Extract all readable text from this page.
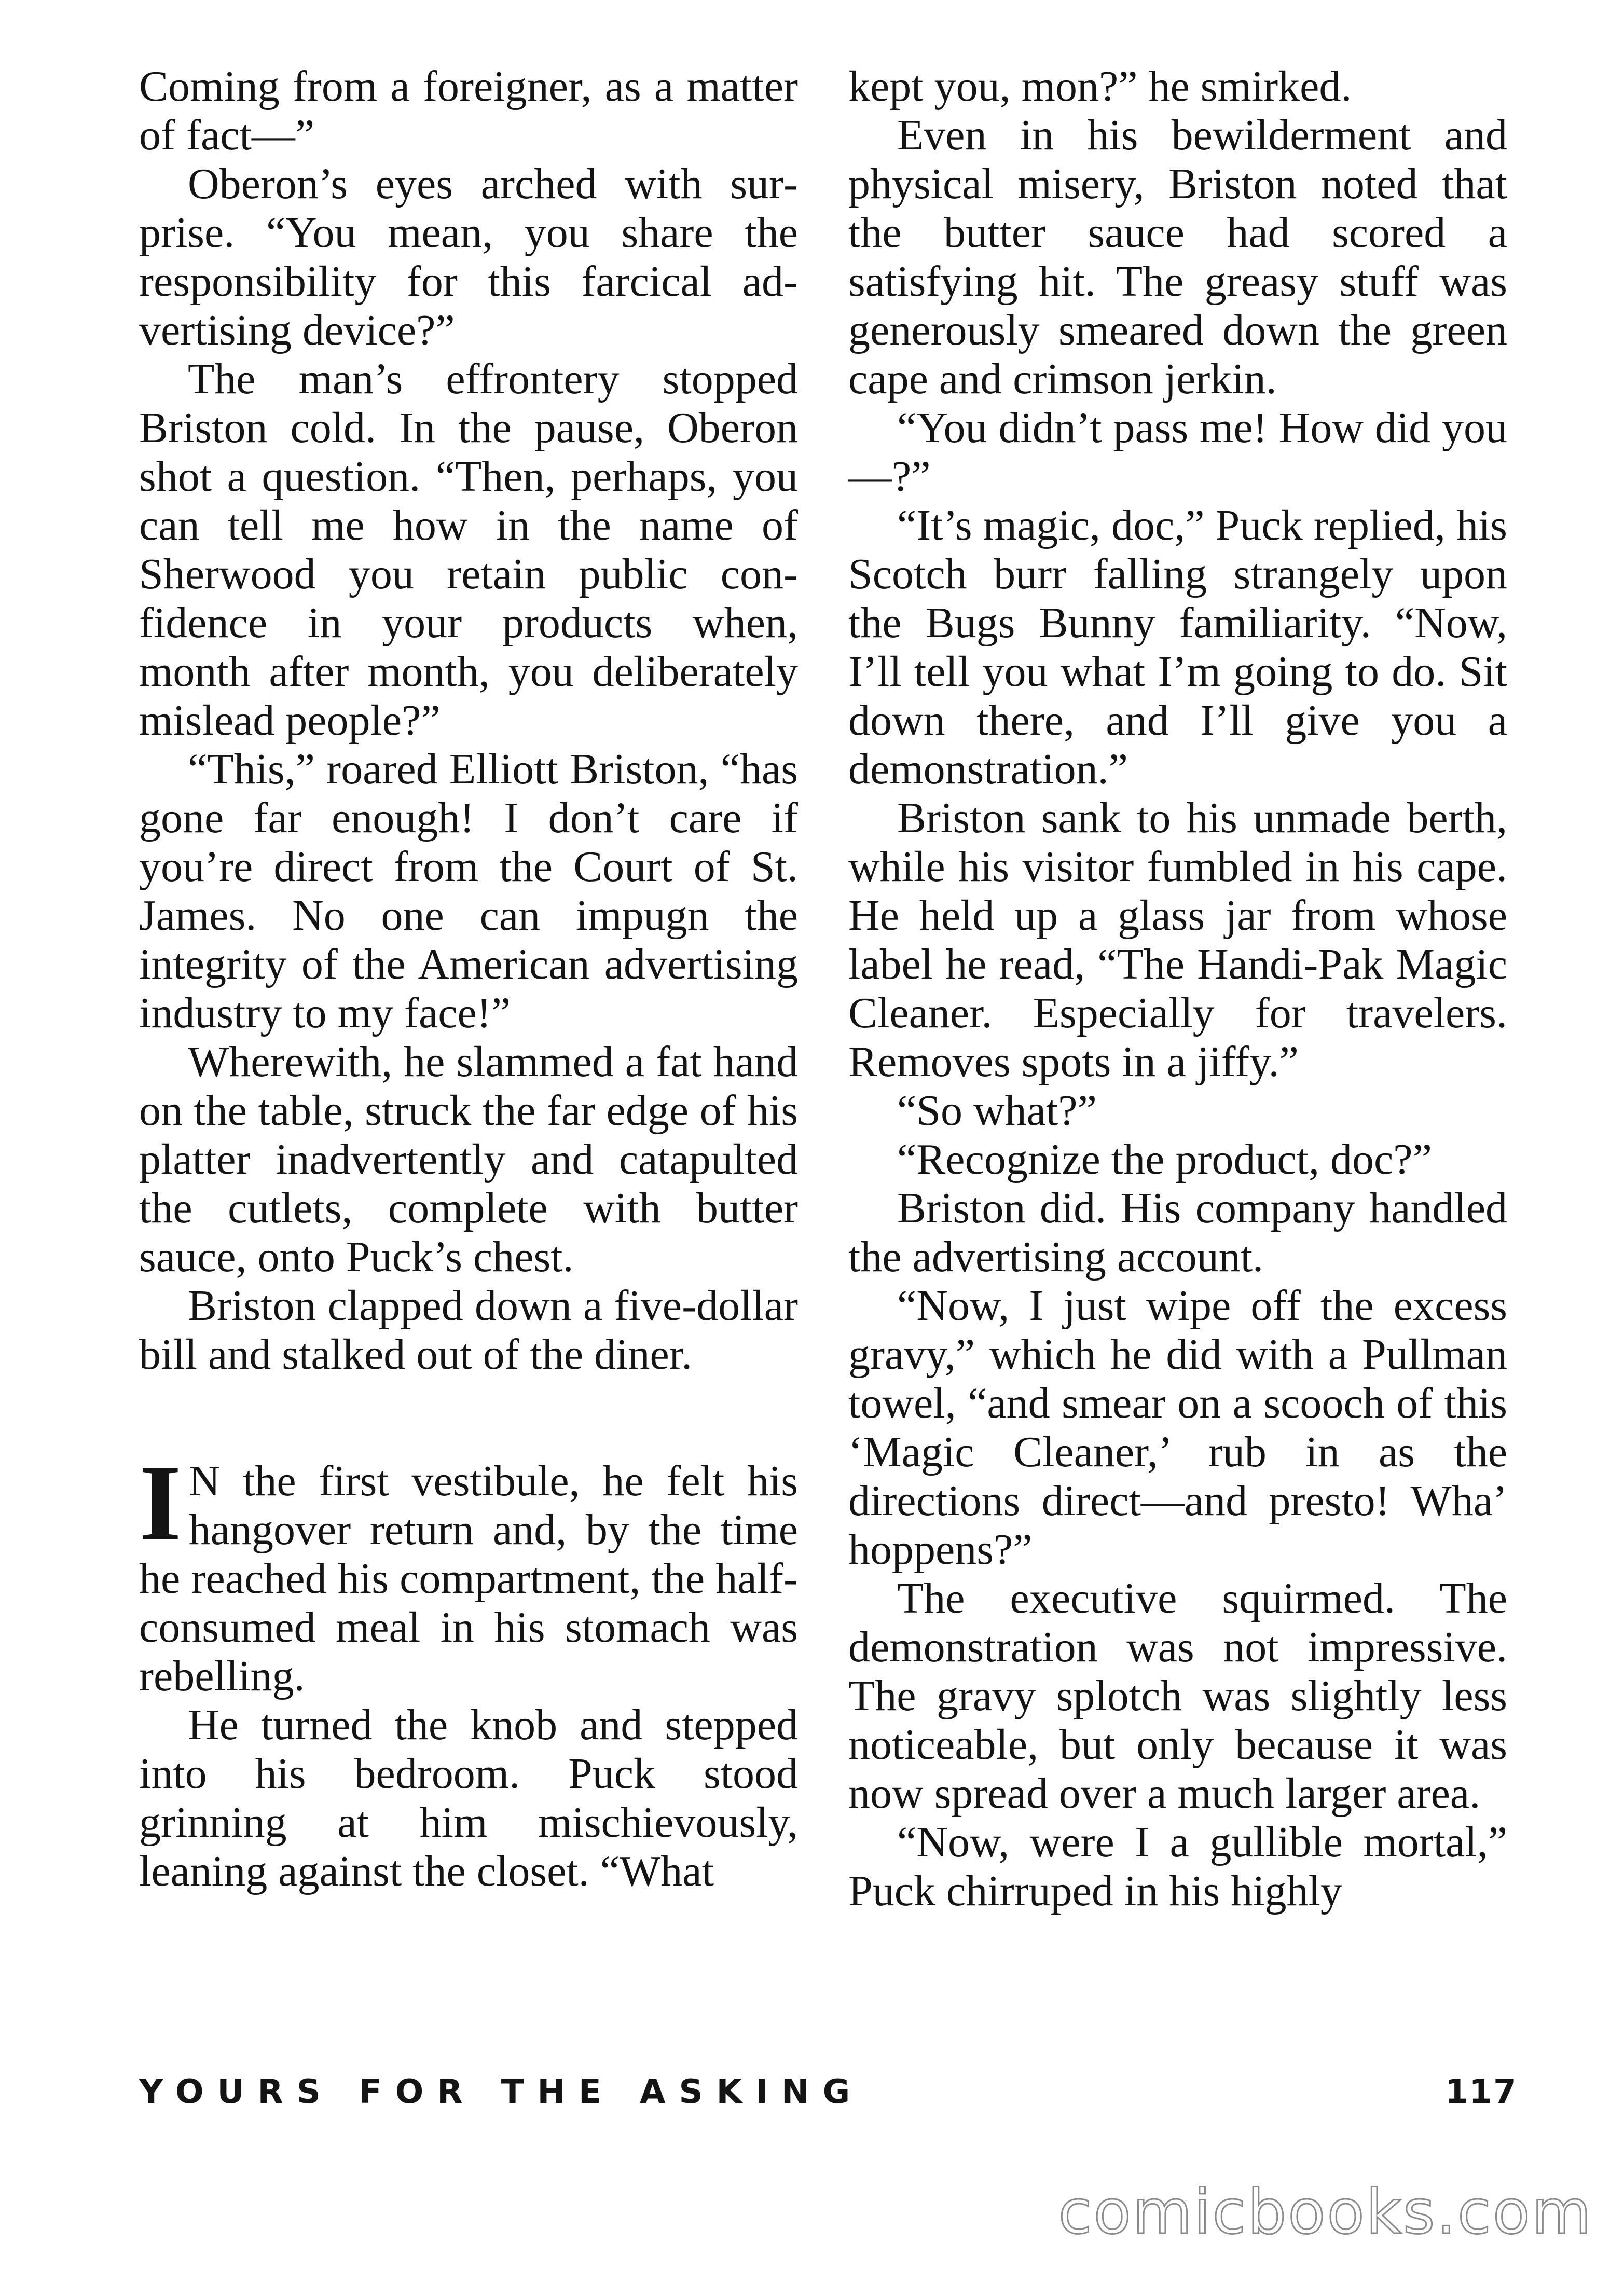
Coming from a foreigner, as a matter of fact—”

Oberon’s eyes arched with surprise. “You mean, you share the responsibility for this farcical advertising device?”

The man’s effrontery stopped Briston cold. In the pause, Oberon shot a question. “Then, perhaps, you can tell me how in the name of Sherwood you retain public confidence in your products when, month after month, you deliberately mislead people?”

“This,” roared Elliott Briston, “has gone far enough! I don’t care if you’re direct from the Court of St. James. No one can impugn the integrity of the American advertising industry to my face!”

Wherewith, he slammed a fat hand on the table, struck the far edge of his platter inadvertently and catapulted the cutlets, complete with butter sauce, onto Puck’s chest.

Briston clapped down a five-dollar bill and stalked out of the diner.

I N the first vestibule, he felt his hangover return and, by the time he reached his compartment, the half-consumed meal in his stomach was rebelling.

He turned the knob and stepped into his bedroom. Puck stood grinning at him mischievously, leaning against the closet. “What

kept you, mon?” he smirked.

Even in his bewilderment and physical misery, Briston noted that the butter sauce had scored a satisfying hit. The greasy stuff was generously smeared down the green cape and crimson jerkin.

“You didn’t pass me! How did you—?”

“It’s magic, doc,” Puck replied, his Scotch burr falling strangely upon the Bugs Bunny familiarity. “Now, I’ll tell you what I’m going to do. Sit down there, and I’ll give you a demonstration.”

Briston sank to his unmade berth, while his visitor fumbled in his cape. He held up a glass jar from whose label he read, “The Handi-Pak Magic Cleaner. Especially for travelers. Removes spots in a jiffy.”

“So what?”

“Recognize the product, doc?”

Briston did. His company handled the advertising account.

“Now, I just wipe off the excess gravy,” which he did with a Pullman towel, “and smear on a scooch of this ‘Magic Cleaner,’ rub in as the directions direct—and presto! Wha’ hoppens?”

The executive squirmed. The demonstration was not impressive. The gravy splotch was slightly less noticeable, but only because it was now spread over a much larger area.

“Now, were I a gullible mortal,” Puck chirruped in his highly

YOURS FOR THE ASKING	117
comicbooks.com
